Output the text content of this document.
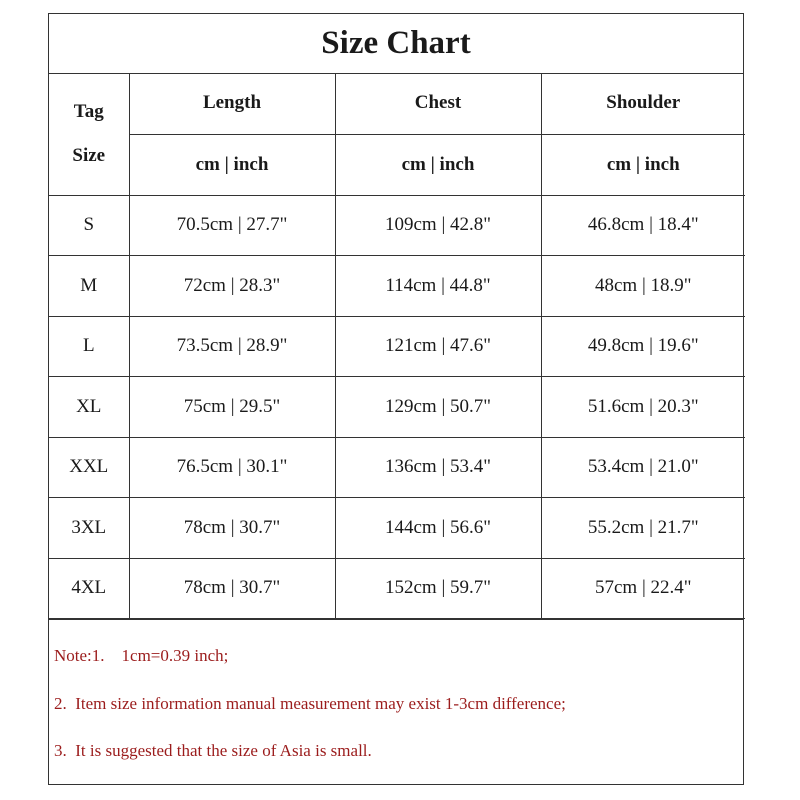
Size Chart
Tag
Size	Length	Chest	Shoulder
	cm | inch	cm | inch	cm | inch
S	70.5cm | 27.7"	109cm | 42.8"	46.8cm | 18.4"
M	72cm | 28.3"	114cm | 44.8"	48cm | 18.9"
L	73.5cm | 28.9"	121cm | 47.6"	49.8cm | 19.6"
XL	75cm | 29.5"	129cm | 50.7"	51.6cm | 20.3"
XXL	76.5cm | 30.1"	136cm | 53.4"	53.4cm | 21.0"
3XL	78cm | 30.7"	144cm | 56.6"	55.2cm | 21.7"
4XL	78cm | 30.7"	152cm | 59.7"	57cm | 22.4"
Note:1.    1cm=0.39 inch;
2.  Item size information manual measurement may exist 1-3cm difference;
3.  It is suggested that the size of Asia is small.
